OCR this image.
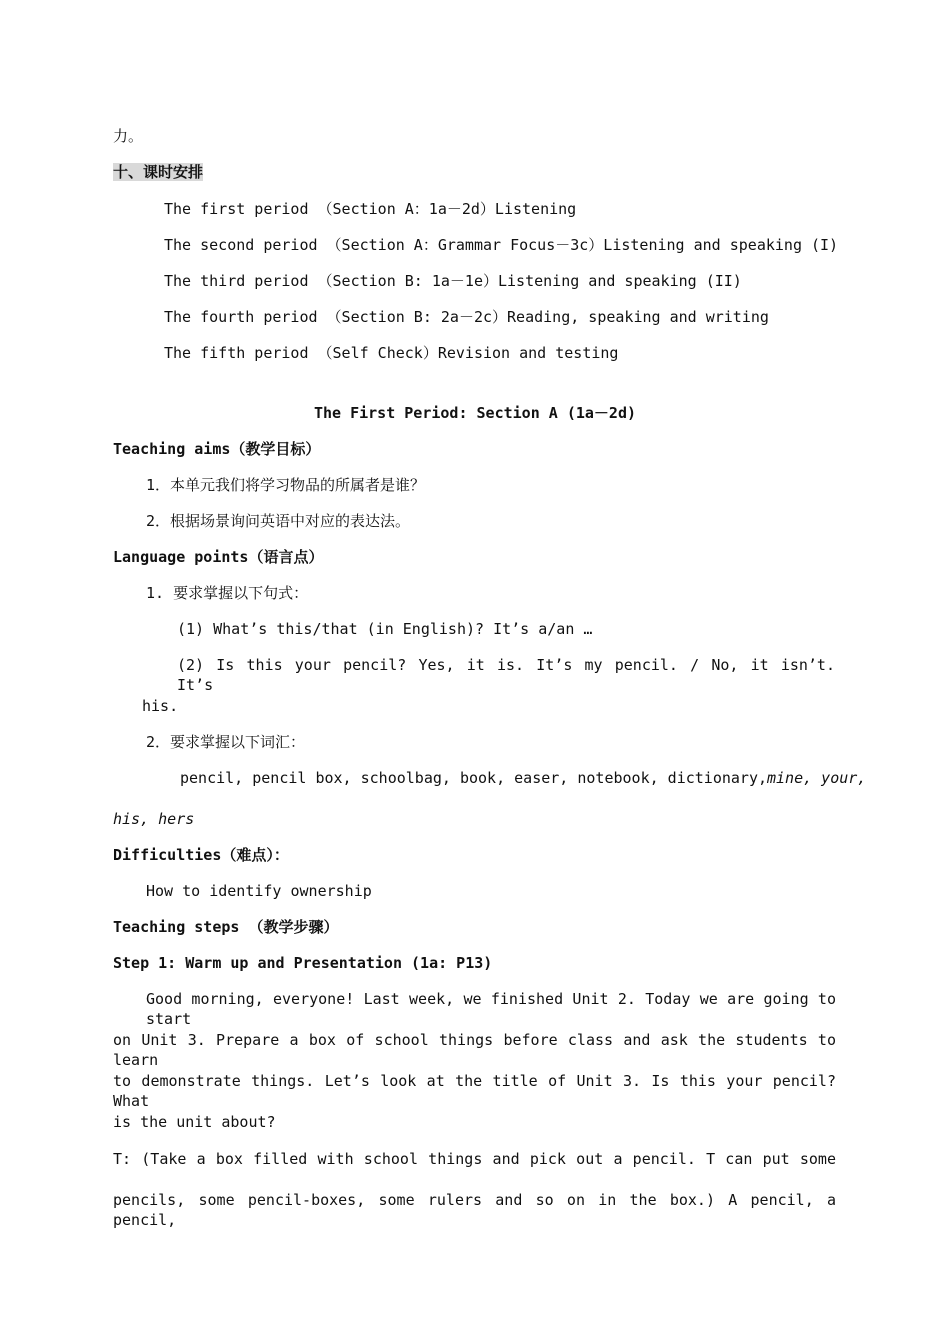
力。
十、课时安排
The first period （Section A：1a－2d）Listening
The second period （Section A：Grammar Focus－3c）Listening and speaking (I)
The third period （Section B: 1a－1e）Listening and speaking (II)
The fourth period （Section B: 2a－2c）Reading, speaking and writing
The fifth period （Self Check）Revision and testing
The First Period: Section A (1a－2d)
Teaching aims（教学目标）
1．本单元我们将学习物品的所属者是谁？
2．根据场景询问英语中对应的表达法。
Language points（语言点）
1. 要求掌握以下句式：
(1) What’s this/that (in English)? It’s a/an …
(2) Is this your pencil? Yes, it is. It’s my pencil. / No, it isn’t. It’s
his.
2．要求掌握以下词汇：
pencil, pencil box, schoolbag, book, easer, notebook, dictionary, mine, your,
his, hers
Difficulties（难点）：
How to identify ownership
Teaching steps （教学步骤）
Step 1: Warm up and Presentation (1a: P13)
Good morning, everyone! Last week, we finished Unit 2. Today we are going to start
on Unit 3. Prepare a box of school things before class and ask the students to learn
to demonstrate things. Let’s look at the title of Unit 3. Is this your pencil? What
is the unit about?
T: (Take a box filled with school things and pick out a pencil. T can put some
pencils, some pencil-boxes, some rulers and so on in the box.) A pencil, a pencil,
